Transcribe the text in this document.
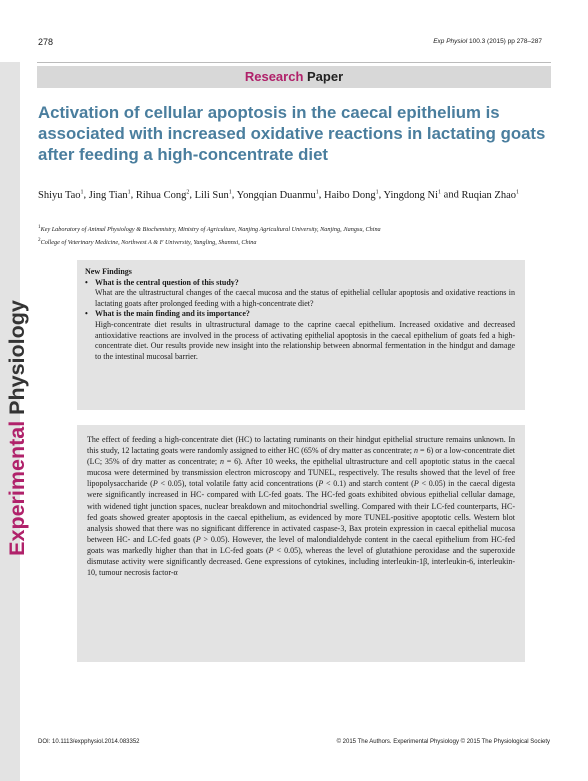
278	Exp Physiol 100.3 (2015) pp 278–287
Experimental Physiology
Research Paper
Activation of cellular apoptosis in the caecal epithelium is associated with increased oxidative reactions in lactating goats after feeding a high-concentrate diet
Shiyu Tao$^1$, Jing Tian$^1$, Rihua Cong$^2$, Lili Sun$^1$, Yongqian Duanmu$^1$, Haibo Dong$^1$, Yingdong Ni$^1$ and Ruqian Zhao$^1$
$^1$Key Laboratory of Animal Physiology & Biochemistry, Ministry of Agriculture, Nanjing Agricultural University, Nanjing, Jiangsu, China
$^2$College of Veterinary Medicine, Northwest A & F University, Yangling, Shannxi, China
New Findings
• What is the central question of this study?
What are the ultrastructural changes of the caecal mucosa and the status of epithelial cellular apoptosis and oxidative reactions in lactating goats after prolonged feeding with a high-concentrate diet?
• What is the main finding and its importance?
High-concentrate diet results in ultrastructural damage to the caprine caecal epithelium. Increased oxidative and decreased antioxidative reactions are involved in the process of activating epithelial apoptosis in the caecal epithelium of goats fed a high-concentrate diet. Our results provide new insight into the relationship between abnormal fermentation in the hindgut and damage to the intestinal mucosal barrier.

The effect of feeding a high-concentrate diet (HC) to lactating ruminants on their hindgut epithelial structure remains unknown. In this study, 12 lactating goats were randomly assigned to either HC (65% of dry matter as concentrate; n = 6) or a low-concentrate diet (LC; 35% of dry matter as concentrate; n = 6). After 10 weeks, the epithelial ultrastructure and cell apoptotic status in the caecal mucosa were determined by transmission electron microscopy and TUNEL, respectively. The results showed that the level of free lipopolysaccharide (P < 0.05), total volatile fatty acid concentrations (P < 0.1) and starch content (P < 0.05) in the caecal digesta were significantly increased in HC- compared with LC-fed goats. The HC-fed goats exhibited obvious epithelial cellular damage, with widened tight junction spaces, nuclear breakdown and mitochondrial swelling. Compared with their LC-fed counterparts, HC-fed goats showed greater apoptosis in the caecal epithelium, as evidenced by more TUNEL-positive apoptotic cells. Western blot analysis showed that there was no significant difference in activated caspase-3, Bax protein expression in caecal epithelial mucosa between HC- and LC-fed goats (P > 0.05). However, the level of malondialdehyde content in the caecal epithelium from HC-fed goats was markedly higher than that in LC-fed goats (P < 0.05), whereas the level of glutathione peroxidase and the superoxide dismutase activity were significantly decreased. Gene expressions of cytokines, including interleukin-1β, interleukin-6, interleukin-10, tumour necrosis factor-α

DOI: 10.1113/expphysiol.2014.083352	© 2015 The Authors. Experimental Physiology © 2015 The Physiological Society
